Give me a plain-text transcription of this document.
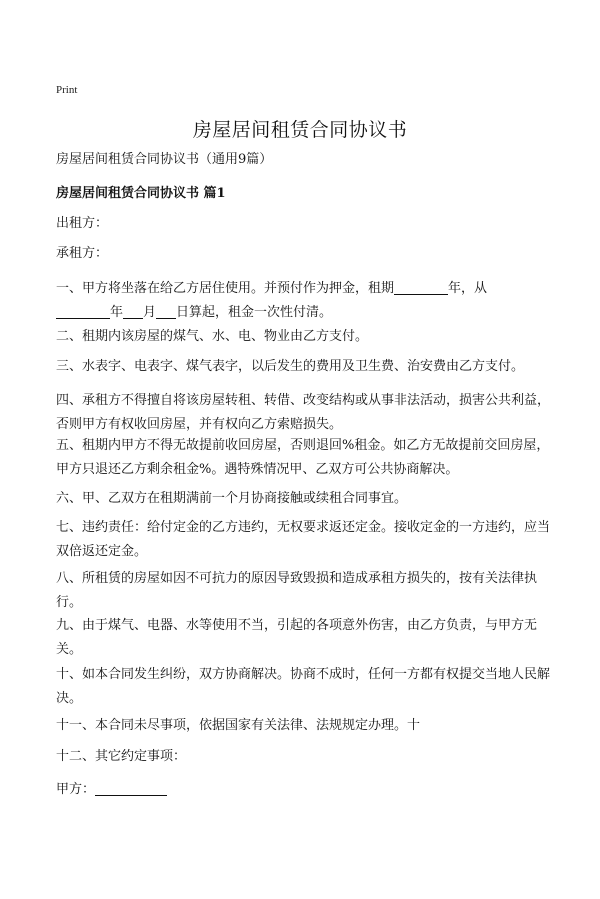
Print
房屋居间租赁合同协议书

房屋居间租赁合同协议书（通用9篇）

房屋居间租赁合同协议书 篇1

出租方：

承租方：

一、甲方将坐落在给乙方居住使用。并预付作为押金，租期	年，从
年 月 日算起，租金一次性付清。

二、租期内该房屋的煤气、水、电、物业由乙方支付。

三、水表字、电表字、煤气表字，以后发生的费用及卫生费、治安费由乙方支付。

四、承租方不得擅自将该房屋转租、转借、改变结构或从事非法活动，损害公共利益，否则甲方有权收回房屋，并有权向乙方索赔损失。

五、租期内甲方不得无故提前收回房屋，否则退回%租金。如乙方无故提前交回房屋，甲方只退还乙方剩余租金%。遇特殊情况甲、乙双方可公共协商解决。

六、甲、乙双方在租期满前一个月协商接触或续租合同事宜。

七、违约责任：给付定金的乙方违约，无权要求返还定金。接收定金的一方违约，应当双倍返还定金。

八、所租赁的房屋如因不可抗力的原因导致毁损和造成承租方损失的，按有关法律执行。

九、由于煤气、电器、水等使用不当，引起的各项意外伤害，由乙方负责，与甲方无关。

十、如本合同发生纠纷，双方协商解决。协商不成时，任何一方都有权提交当地人民解决。

十一、本合同未尽事项，依据国家有关法律、法规规定办理。十

十二、其它约定事项：

甲方：
